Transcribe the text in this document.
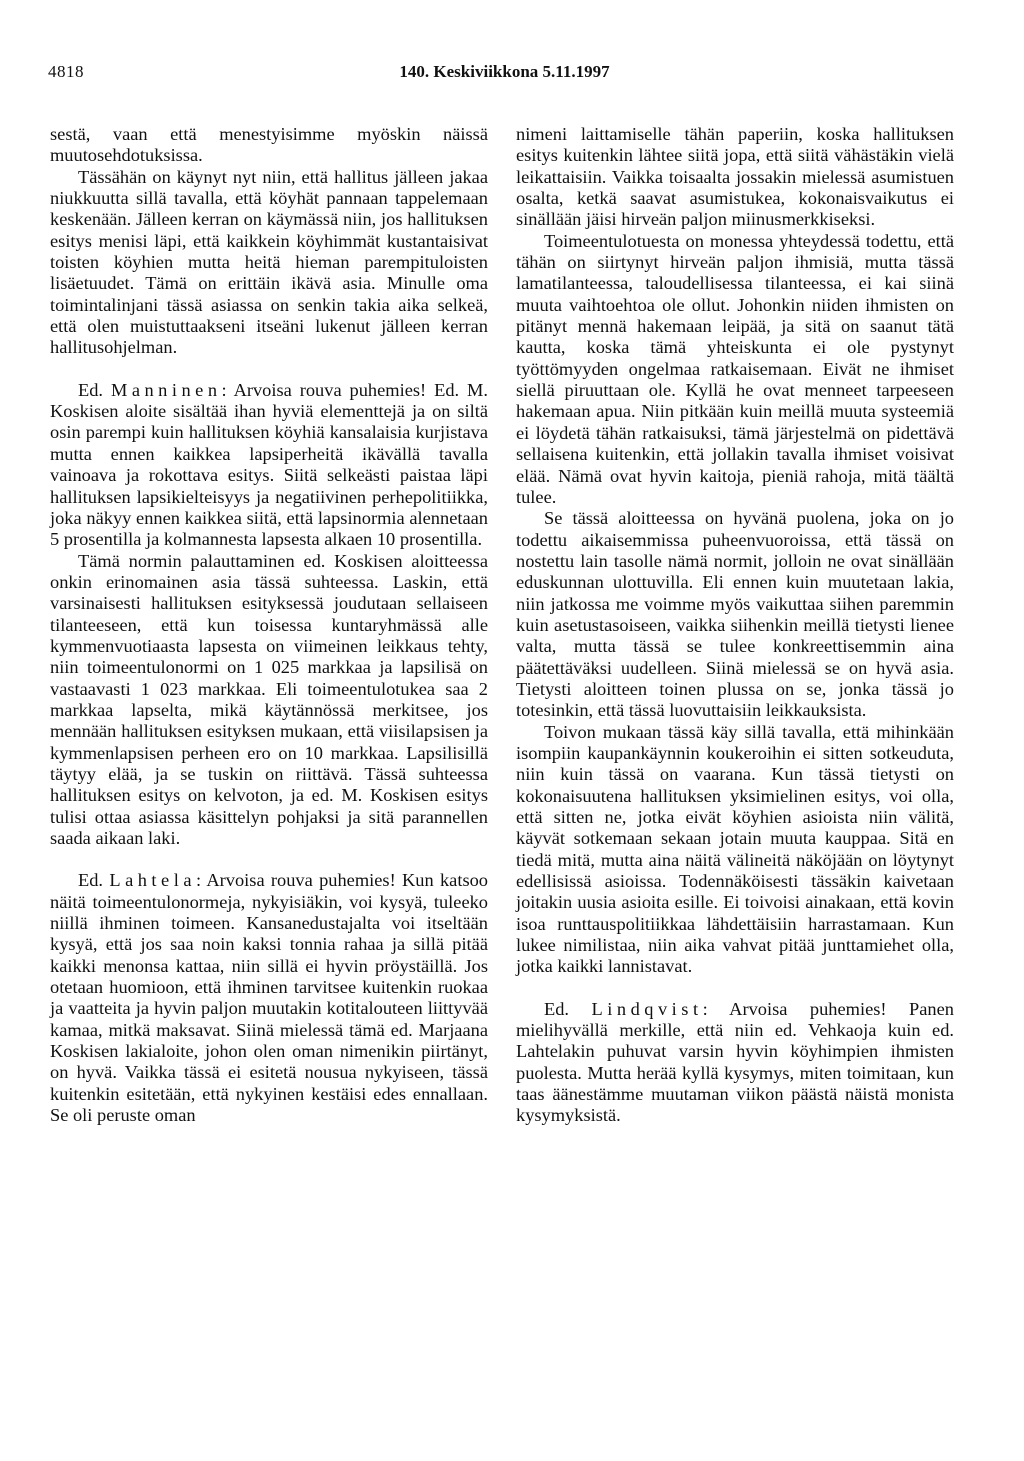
4818	140. Keskiviikkona 5.11.1997

sestä, vaan että menestyisimme myöskin näissä muutosehdotuksissa.

Tässähän on käynyt nyt niin, että hallitus jälleen jakaa niukkuutta sillä tavalla, että köyhät pannaan tappelemaan keskenään. Jälleen kerran on käymässä niin, jos hallituksen esitys menisi läpi, että kaikkein köyhimmät kustantaisivat toisten köyhien mutta heitä hieman parempituloisten lisäetuudet. Tämä on erittäin ikävä asia. Minulle oma toimintalinjani tässä asiassa on senkin takia aika selkeä, että olen muistuttaakseni itseäni lukenut jälleen kerran hallitusohjelman.

Ed. Manninen: Arvoisa rouva puhemies! Ed. M. Koskisen aloite sisältää ihan hyviä elementtejä ja on siltä osin parempi kuin hallituksen köyhiä kansalaisia kurjistava mutta ennen kaikkea lapsiperheitä ikävällä tavalla vainoava ja rokottava esitys. Siitä selkeästi paistaa läpi hallituksen lapsikielteisyys ja negatiivinen perhepolitiikka, joka näkyy ennen kaikkea siitä, että lapsinormia alennetaan 5 prosentilla ja kolmannesta lapsesta alkaen 10 prosentilla.

Tämä normin palauttaminen ed. Koskisen aloitteessa onkin erinomainen asia tässä suhteessa. Laskin, että varsinaisesti hallituksen esityksessä joudutaan sellaiseen tilanteeseen, että kun toisessa kuntaryhmässä alle kymmenvuotiaasta lapsesta on viimeinen leikkaus tehty, niin toimeentulonormi on 1 025 markkaa ja lapsilisä on vastaavasti 1 023 markkaa. Eli toimeentulotukea saa 2 markkaa lapselta, mikä käytännössä merkitsee, jos mennään hallituksen esityksen mukaan, että viisilapsisen ja kymmenlapsisen perheen ero on 10 markkaa. Lapsilisillä täytyy elää, ja se tuskin on riittävä. Tässä suhteessa hallituksen esitys on kelvoton, ja ed. M. Koskisen esitys tulisi ottaa asiassa käsittelyn pohjaksi ja sitä parannellen saada aikaan laki.

Ed. Lahtela: Arvoisa rouva puhemies! Kun katsoo näitä toimeentulonormeja, nykyisiäkin, voi kysyä, tuleeko niillä ihminen toimeen. Kansanedustajalta voi itseltään kysyä, että jos saa noin kaksi tonnia rahaa ja sillä pitää kaikki menonsa kattaa, niin sillä ei hyvin pröystäillä. Jos otetaan huomioon, että ihminen tarvitsee kuitenkin ruokaa ja vaatteita ja hyvin paljon muutakin kotitalouteen liittyvää kamaa, mitkä maksavat. Siinä mielessä tämä ed. Marjaana Koskisen lakialoite, johon olen oman nimenikin piirtänyt, on hyvä. Vaikka tässä ei esitetä nousua nykyiseen, tässä kuitenkin esitetään, että nykyinen kestäisi edes ennallaan. Se oli peruste oman

nimeni laittamiselle tähän paperiin, koska hallituksen esitys kuitenkin lähtee siitä jopa, että siitä vähästäkin vielä leikattaisiin. Vaikka toisaalta jossakin mielessä asumistuen osalta, ketkä saavat asumistukea, kokonaisvaikutus ei sinällään jäisi hirveän paljon miinusmerkkiseksi.

Toimeentulotuesta on monessa yhteydessä todettu, että tähän on siirtynyt hirveän paljon ihmisiä, mutta tässä lamatilanteessa, taloudellisessa tilanteessa, ei kai siinä muuta vaihtoehtoa ole ollut. Johonkin niiden ihmisten on pitänyt mennä hakemaan leipää, ja sitä on saanut tätä kautta, koska tämä yhteiskunta ei ole pystynyt työttömyyden ongelmaa ratkaisemaan. Eivät ne ihmiset siellä piruuttaan ole. Kyllä he ovat menneet tarpeeseen hakemaan apua. Niin pitkään kuin meillä muuta systeemiä ei löydetä tähän ratkaisuksi, tämä järjestelmä on pidettävä sellaisena kuitenkin, että jollakin tavalla ihmiset voisivat elää. Nämä ovat hyvin kaitoja, pieniä rahoja, mitä täältä tulee.

Se tässä aloitteessa on hyvänä puolena, joka on jo todettu aikaisemmissa puheenvuoroissa, että tässä on nostettu lain tasolle nämä normit, jolloin ne ovat sinällään eduskunnan ulottuvilla. Eli ennen kuin muutetaan lakia, niin jatkossa me voimme myös vaikuttaa siihen paremmin kuin asetustasoiseen, vaikka siihenkin meillä tietysti lienee valta, mutta tässä se tulee konkreettisemmin aina päätettäväksi uudelleen. Siinä mielessä se on hyvä asia. Tietysti aloitteen toinen plussa on se, jonka tässä jo totesinkin, että tässä luovuttaisiin leikkauksista.

Toivon mukaan tässä käy sillä tavalla, että mihinkään isompiin kaupankäynnin koukeroihin ei sitten sotkeuduta, niin kuin tässä on vaarana. Kun tässä tietysti on kokonaisuutena hallituksen yksimielinen esitys, voi olla, että sitten ne, jotka eivät köyhien asioista niin välitä, käyvät sotkemaan sekaan jotain muuta kauppaa. Sitä en tiedä mitä, mutta aina näitä välineitä näköjään on löytynyt edellisissä asioissa. Todennäköisesti tässäkin kaivetaan joitakin uusia asioita esille. Ei toivoisi ainakaan, että kovin isoa runttauspolitiikkaa lähdettäisiin harrastamaan. Kun lukee nimilistaa, niin aika vahvat pitää junttamiehet olla, jotka kaikki lannistavat.

Ed. Lindqvist: Arvoisa puhemies! Panen mielihyvällä merkille, että niin ed. Vehkaoja kuin ed. Lahtelakin puhuvat varsin hyvin köyhimpien ihmisten puolesta. Mutta herää kyllä kysymys, miten toimitaan, kun taas äänestämme muutaman viikon päästä näistä monista kysymyksistä.
